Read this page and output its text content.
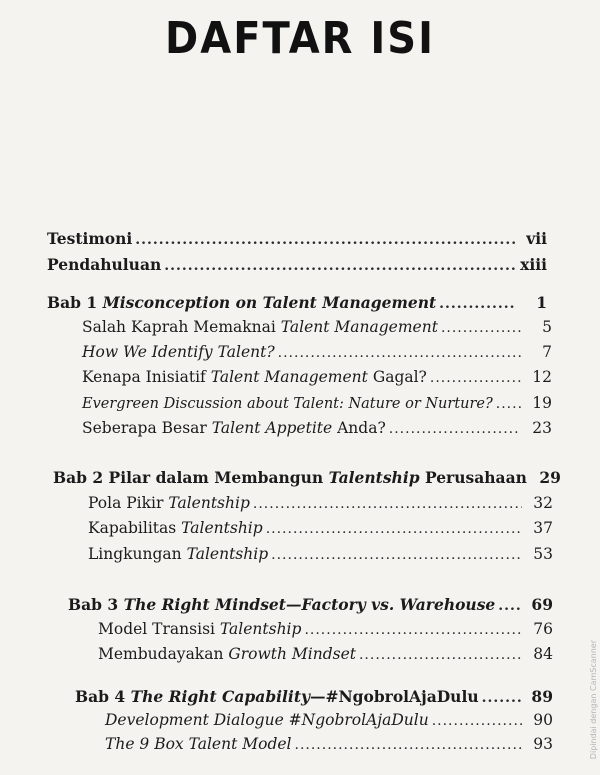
DAFTAR ISI
Testimoni .....	vii
Pendahuluan .....	xiii
Bab 1 Misconception on Talent Management .....	1
Salah Kaprah Memaknai Talent Management .....	5
How We Identify Talent? .....	7
Kenapa Inisiatif Talent Management Gagal? .....	12
Evergreen Discussion about Talent: Nature or Nurture? .....	19
Seberapa Besar Talent Appetite Anda? .....	23
Bab 2 Pilar dalam Membangun Talentship Perusahaan 29
Pola Pikir Talentship .....	32
Kapabilitas Talentship .....	37
Lingkungan Talentship .....	53
Bab 3 The Right Mindset—Factory vs. Warehouse .....	69
Model Transisi Talentship .....	76
Membudayakan Growth Mindset .....	84
Bab 4 The Right Capability—#NgobrolAjaDulu .....	89
Development Dialogue #NgobrolAjaDulu .....	90
The 9 Box Talent Model .....	93	Dipindai dengan CamScanner
